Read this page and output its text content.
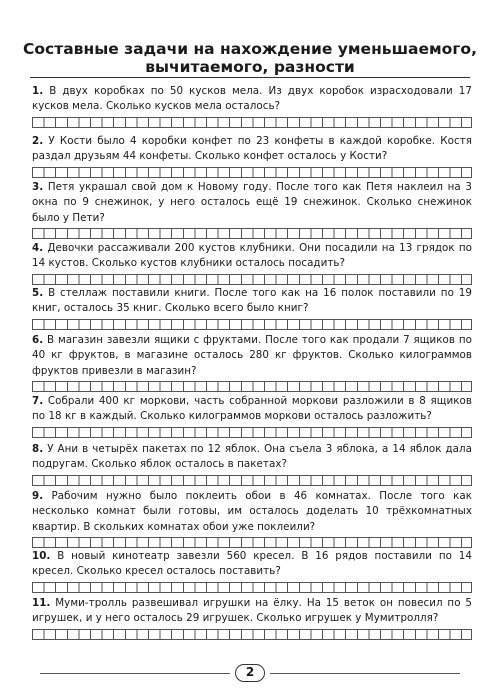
Составные задачи на нахождение уменьшаемого,
вычитаемого, разности
1. В двух коробках по 50 кусков мела. Из двух коробок израсходовали 17 кусков мела. Сколько кусков мела осталось?
2. У Кости было 4 коробки конфет по 23 конфеты в каждой коробке. Костя раздал друзьям 44 конфеты. Сколько конфет осталось у Кости?
3. Петя украшал свой дом к Новому году. После того как Петя наклеил на 3 окна по 9 снежинок, у него осталось ещё 19 снежинок. Сколько снежинок было у Пети?
4. Девочки рассаживали 200 кустов клубники. Они посадили на 13 грядок по 14 кустов. Сколько кустов клубники осталось посадить?
5. В стеллаж поставили книги. После того как на 16 полок поставили по 19 книг, осталось 35 книг. Сколько всего было книг?
6. В магазин завезли ящики с фруктами. После того как продали 7 ящиков по 40 кг фруктов, в магазине осталось 280 кг фруктов. Сколько килограммов фруктов привезли в магазин?
7. Собрали 400 кг моркови, часть собранной моркови разложили в 8 ящиков по 18 кг в каждый. Сколько килограммов моркови осталось разложить?
8. У Ани в четырёх пакетах по 12 яблок. Она съела 3 яблока, а 14 яблок дала подругам. Сколько яблок осталось в пакетах?
9. Рабочим нужно было поклеить обои в 46 комнатах. После того как несколько комнат были готовы, им осталось доделать 10 трёхкомнатных квартир. В скольких комнатах обои уже поклеили?
10. В новый кинотеатр завезли 560 кресел. В 16 рядов поставили по 14 кресел. Сколько кресел осталось поставить?
11. Муми-тролль развешивал игрушки на ёлку. На 15 веток он повесил по 5 игрушек, и у него осталось 29 игрушек. Сколько игрушек у Мумитролля?
2
